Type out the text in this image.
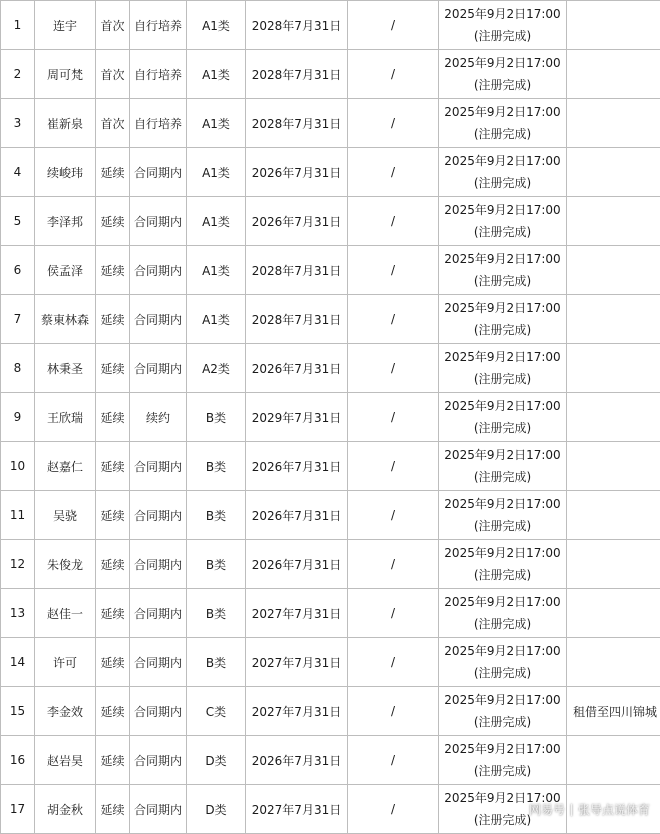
1	连宇	首次	自行培养	A1类	2028年7月31日	/	2025年9月2日17:00
(注册完成)	

2	周可梵	首次	自行培养	A1类	2028年7月31日	/	2025年9月2日17:00
(注册完成)	

3	崔新泉	首次	自行培养	A1类	2028年7月31日	/	2025年9月2日17:00
(注册完成)	

4	续峻玮	延续	合同期内	A1类	2026年7月31日	/	2025年9月2日17:00
(注册完成)	

5	李泽邦	延续	合同期内	A1类	2026年7月31日	/	2025年9月2日17:00
(注册完成)	

6	侯孟泽	延续	合同期内	A1类	2028年7月31日	/	2025年9月2日17:00
(注册完成)	

7	蔡東林森	延续	合同期内	A1类	2028年7月31日	/	2025年9月2日17:00
(注册完成)	

8	林秉圣	延续	合同期内	A2类	2026年7月31日	/	2025年9月2日17:00
(注册完成)	

9	王欣瑞	延续	续约	B类	2029年7月31日	/	2025年9月2日17:00
(注册完成)	

10	赵嘉仁	延续	合同期内	B类	2026年7月31日	/	2025年9月2日17:00
(注册完成)	

11	吴骁	延续	合同期内	B类	2026年7月31日	/	2025年9月2日17:00
(注册完成)	

12	朱俊龙	延续	合同期内	B类	2026年7月31日	/	2025年9月2日17:00
(注册完成)	

13	赵佳一	延续	合同期内	B类	2027年7月31日	/	2025年9月2日17:00
(注册完成)	

14	许可	延续	合同期内	B类	2027年7月31日	/	2025年9月2日17:00
(注册完成)	

15	李金效	延续	合同期内	C类	2027年7月31日	/	2025年9月2日17:00
(注册完成)	租借至四川锦城
16	赵岩昊	延续	合同期内	D类	2026年7月31日	/	2025年9月2日17:00
(注册完成)	

17	胡金秋	延续	合同期内	D类	2027年7月31日	/	2025年9月2日17:00
(注册完成)	

网易号 张导点说体育
